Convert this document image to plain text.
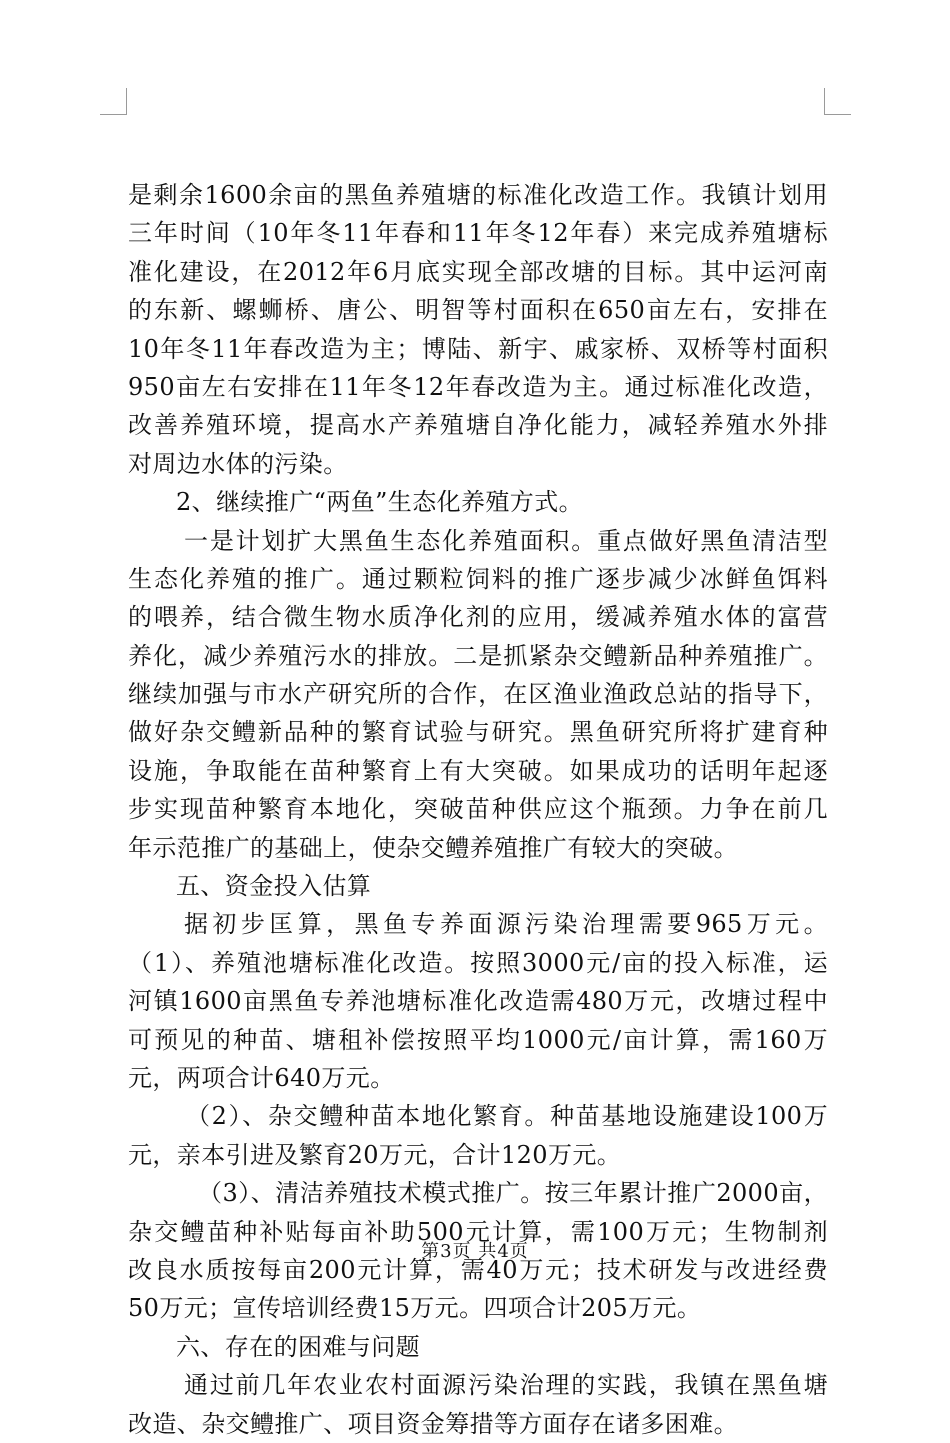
是剩余1600余亩的黑鱼养殖塘的标准化改造工作。我镇计划用
三年时间（10年冬11年春和11年冬12年春）来完成养殖塘标
准化建设，在2012年6月底实现全部改塘的目标。其中运河南
的东新、螺蛳桥、唐公、明智等村面积在650亩左右，安排在
10年冬11年春改造为主；博陆、新宇、戚家桥、双桥等村面积
950亩左右安排在11年冬12年春改造为主。通过标准化改造，
改善养殖环境，提高水产养殖塘自净化能力，减轻养殖水外排
对周边水体的污染。
2、继续推广“两鱼”生态化养殖方式。
一是计划扩大黑鱼生态化养殖面积。重点做好黑鱼清洁型
生态化养殖的推广。通过颗粒饲料的推广逐步减少冰鲜鱼饵料
的喂养，结合微生物水质净化剂的应用，缓减养殖水体的富营
养化，减少养殖污水的排放。二是抓紧杂交鳢新品种养殖推广。
继续加强与市水产研究所的合作，在区渔业渔政总站的指导下，
做好杂交鳢新品种的繁育试验与研究。黑鱼研究所将扩建育种
设施，争取能在苗种繁育上有大突破。如果成功的话明年起逐
步实现苗种繁育本地化，突破苗种供应这个瓶颈。力争在前几
年示范推广的基础上，使杂交鳢养殖推广有较大的突破。
五、资金投入估算
据初步匡算，黑鱼专养面源污染治理需要965万元。
（1）、养殖池塘标准化改造。按照3000元/亩的投入标准，运
河镇1600亩黑鱼专养池塘标准化改造需480万元，改塘过程中
可预见的种苗、塘租补偿按照平均1000元/亩计算，需160万
元，两项合计640万元。
（2）、杂交鳢种苗本地化繁育。种苗基地设施建设100万
元，亲本引进及繁育20万元，合计120万元。
（3）、清洁养殖技术模式推广。按三年累计推广2000亩，
杂交鳢苗种补贴每亩补助500元计算，需100万元；生物制剂
改良水质按每亩200元计算，需40万元；技术研发与改进经费
50万元；宣传培训经费15万元。四项合计205万元。
六、存在的困难与问题
通过前几年农业农村面源污染治理的实践，我镇在黑鱼塘
改造、杂交鳢推广、项目资金筹措等方面存在诸多困难。
第3页 共4页
